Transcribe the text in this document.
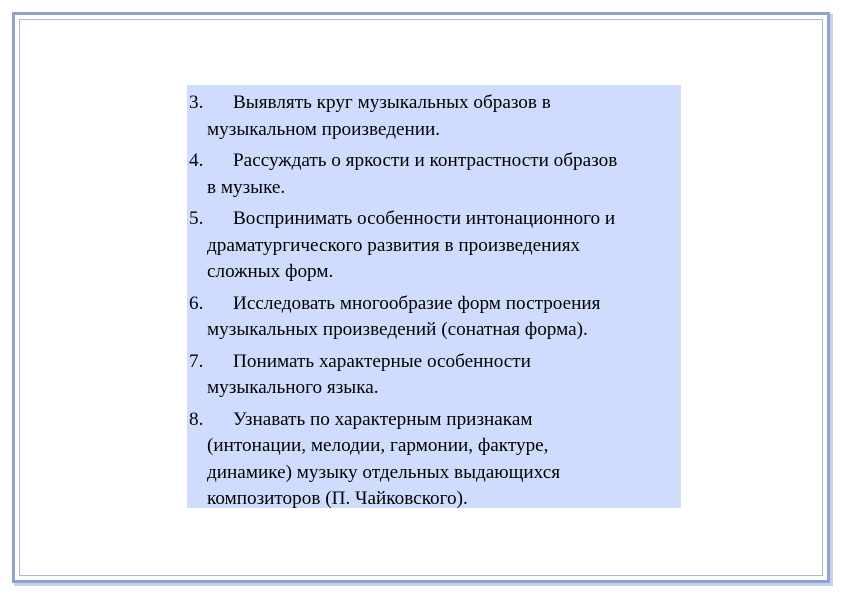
3. Выявлять круг музыкальных образов в
музыкальном произведении.
4. Рассуждать о яркости и контрастности образов
в музыке.
5. Воспринимать особенности интонационного и
драматургического развития в произведениях
сложных форм.
6. Исследовать многообразие форм построения
музыкальных произведений (сонатная форма).
7. Понимать характерные особенности
музыкального языка.
8. Узнавать по характерным признакам
(интонации, мелодии, гармонии, фактуре,
динамике) музыку отдельных выдающихся
композиторов (П. Чайковского).
